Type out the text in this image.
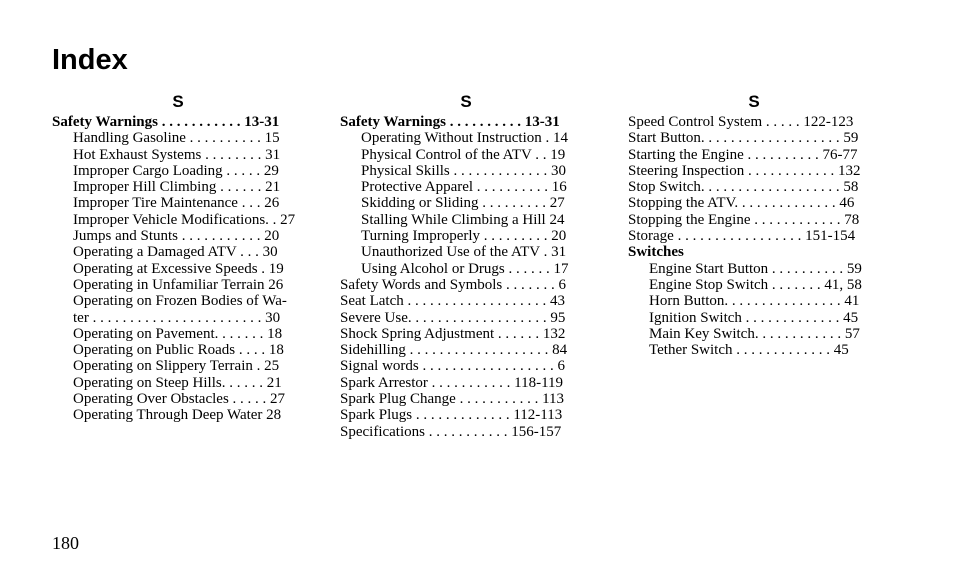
Index
S
Safety Warnings . . . . . . . . . . . 13-31
Handling Gasoline . . . . . . . . . . 15
Hot Exhaust Systems . . . . . . . . 31
Improper Cargo Loading . . . . . 29
Improper Hill Climbing . . . . . . 21
Improper Tire Maintenance . . . 26
Improper Vehicle Modifications. . 27
Jumps and Stunts . . . . . . . . . . . 20
Operating a Damaged ATV . . . 30
Operating at Excessive Speeds . 19
Operating in Unfamiliar Terrain 26
Operating on Frozen Bodies of Wa-
ter . . . . . . . . . . . . . . . . . . . . . . . 30
Operating on Pavement. . . . . . . 18
Operating on Public Roads . . . . 18
Operating on Slippery Terrain . 25
Operating on Steep Hills. . . . . . 21
Operating Over Obstacles . . . . . 27
Operating Through Deep Water 28
S
Safety Warnings . . . . . . . . . . 13-31
Operating Without Instruction . 14
Physical Control of the ATV . . 19
Physical Skills . . . . . . . . . . . . . 30
Protective Apparel . . . . . . . . . . 16
Skidding or Sliding . . . . . . . . . 27
Stalling While Climbing a Hill 24
Turning Improperly . . . . . . . . . 20
Unauthorized Use of the ATV . 31
Using Alcohol or Drugs . . . . . . 17
Safety Words and Symbols . . . . . . . 6
Seat Latch . . . . . . . . . . . . . . . . . . . 43
Severe Use. . . . . . . . . . . . . . . . . . . 95
Shock Spring Adjustment . . . . . . 132
Sidehilling . . . . . . . . . . . . . . . . . . . 84
Signal words . . . . . . . . . . . . . . . . . . 6
Spark Arrestor . . . . . . . . . . . 118-119
Spark Plug Change . . . . . . . . . . . 113
Spark Plugs . . . . . . . . . . . . . 112-113
Specifications . . . . . . . . . . . 156-157
S
Speed Control System . . . . . 122-123
Start Button. . . . . . . . . . . . . . . . . . . 59
Starting the Engine . . . . . . . . . . 76-77
Steering Inspection . . . . . . . . . . . . 132
Stop Switch. . . . . . . . . . . . . . . . . . . 58
Stopping the ATV. . . . . . . . . . . . . . 46
Stopping the Engine . . . . . . . . . . . . 78
Storage . . . . . . . . . . . . . . . . . 151-154
Switches
Engine Start Button . . . . . . . . . . 59
Engine Stop Switch . . . . . . . 41, 58
Horn Button. . . . . . . . . . . . . . . . 41
Ignition Switch . . . . . . . . . . . . . 45
Main Key Switch. . . . . . . . . . . . 57
Tether Switch . . . . . . . . . . . . . 45
180
